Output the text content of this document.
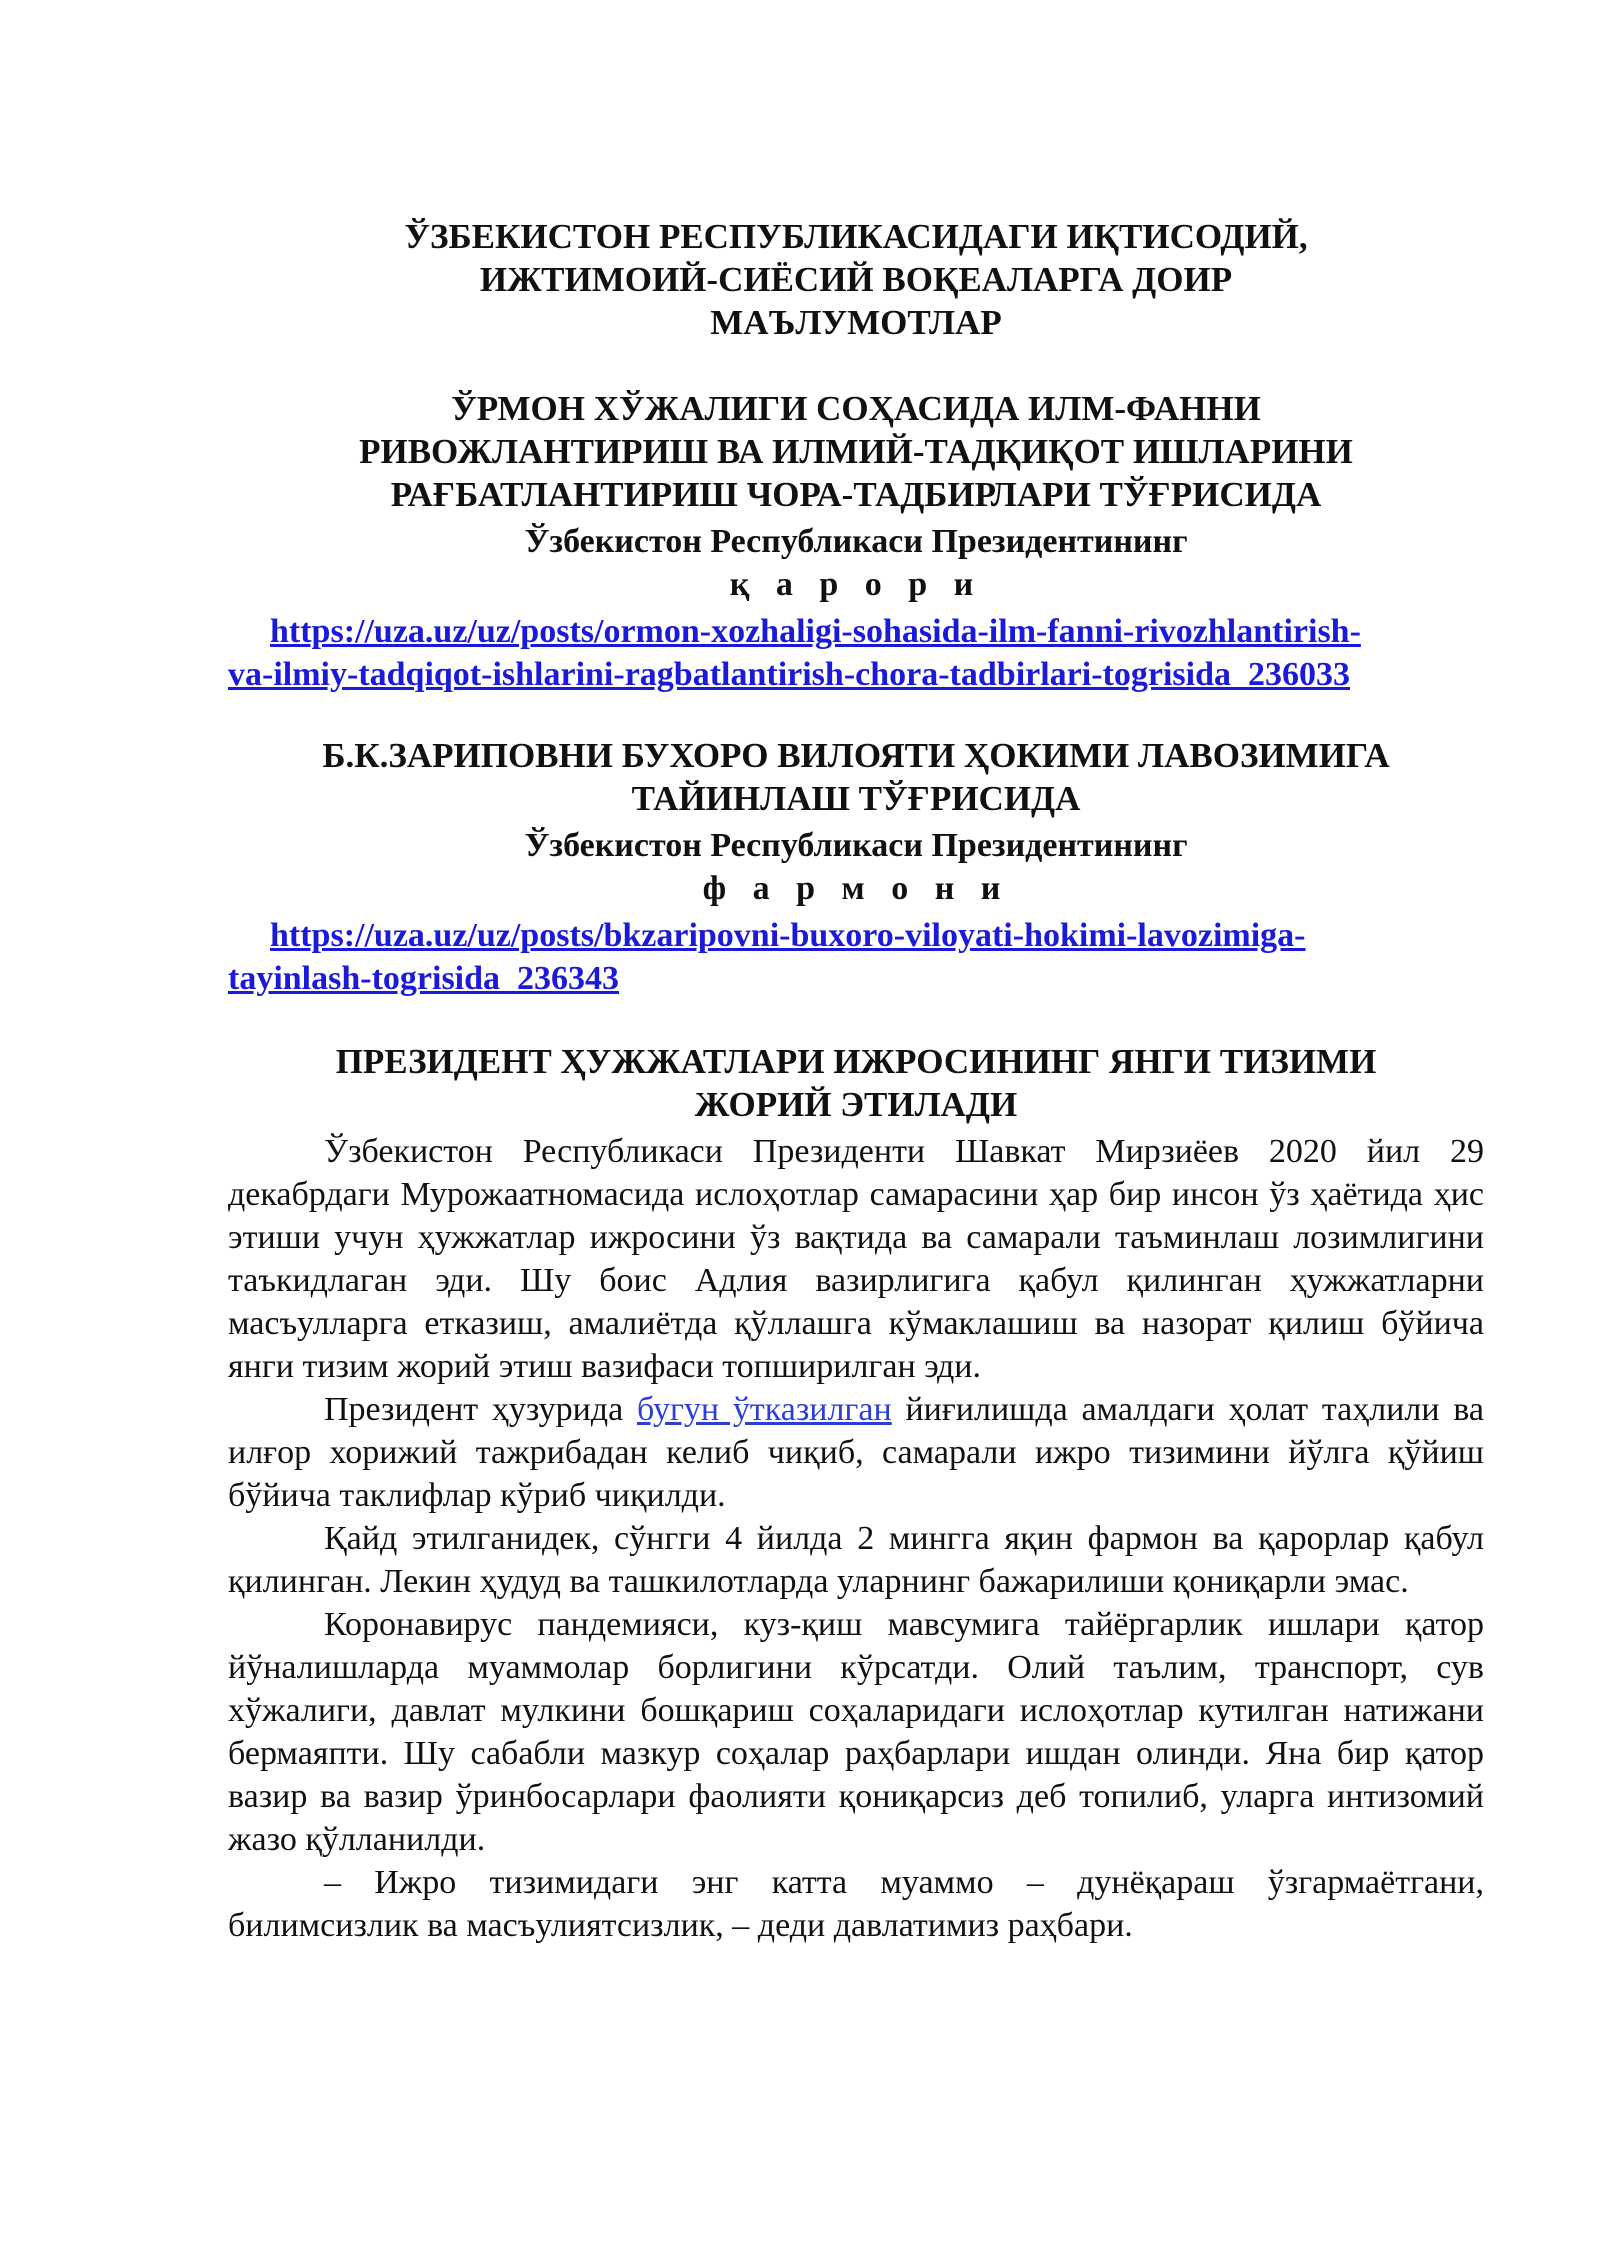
ЎЗБЕКИСТОН РЕСПУБЛИКАСИДАГИ ИҚТИСОДИЙ,
ИЖТИМОИЙ-СИЁСИЙ ВОҚЕАЛАРГА ДОИР
МАЪЛУМОТЛАР
ЎРМОН ХЎЖАЛИГИ СОҲАСИДА ИЛМ-ФАННИ
РИВОЖЛАНТИРИШ ВА ИЛМИЙ-ТАДҚИҚОТ ИШЛАРИНИ
РАҒБАТЛАНТИРИШ ЧОРА-ТАДБИРЛАРИ ТЎҒРИСИДА

Ўзбекистон Республикаси Президентининг

қ а р о р и

https://uza.uz/uz/posts/ormon-xozhaligi-sohasida-ilm-fanni-rivozhlantirish-
va-ilmiy-tadqiqot-ishlarini-ragbatlantirish-chora-tadbirlari-togrisida_236033

Б.К.ЗАРИПОВНИ БУХОРО ВИЛОЯТИ ҲОКИМИ ЛАВОЗИМИГА
ТАЙИНЛАШ ТЎҒРИСИДА

Ўзбекистон Республикаси Президентининг

ф а р м о н и

https://uza.uz/uz/posts/bkzaripovni-buxoro-viloyati-hokimi-lavozimiga-
tayinlash-togrisida_236343

ПРЕЗИДЕНТ ҲУЖЖАТЛАРИ ИЖРОСИНИНГ ЯНГИ ТИЗИМИ
ЖОРИЙ ЭТИЛАДИ

Ўзбекистон Республикаси Президенти Шавкат Мирзиёев 2020 йил 29 декабрдаги Мурожаатномасида ислоҳотлар самарасини ҳар бир инсон ўз ҳаётида ҳис этиши учун ҳужжатлар ижросини ўз вақтида ва самарали таъминлаш лозимлигини таъкидлаган эди. Шу боис Адлия вазирлигига қабул қилинган ҳужжатларни масъулларга етказиш, амалиётда қўллашга кўмаклашиш ва назорат қилиш бўйича янги тизим жорий этиш вазифаси топширилган эди.

Президент ҳузурида бугун ўтказилган йиғилишда амалдаги ҳолат таҳлили ва илғор хорижий тажрибадан келиб чиқиб, самарали ижро тизимини йўлга қўйиш бўйича таклифлар кўриб чиқилди.

Қайд этилганидек, сўнгги 4 йилда 2 мингга яқин фармон ва қарорлар қабул қилинган. Лекин ҳудуд ва ташкилотларда уларнинг бажарилиши қониқарли эмас.

Коронавирус пандемияси, куз-қиш мавсумига тайёргарлик ишлари қатор йўналишларда муаммолар борлигини кўрсатди. Олий таълим, транспорт, сув хўжалиги, давлат мулкини бошқариш соҳаларидаги ислоҳотлар кутилган натижани бермаяпти. Шу сабабли мазкур соҳалар раҳбарлари ишдан олинди. Яна бир қатор вазир ва вазир ўринбосарлари фаолияти қониқарсиз деб топилиб, уларга интизомий жазо қўлланилди.

– Ижро тизимидаги энг катта муаммо – дунёқараш ўзгармаётгани, билимсизлик ва масъулиятсизлик, – деди давлатимиз раҳбари.
